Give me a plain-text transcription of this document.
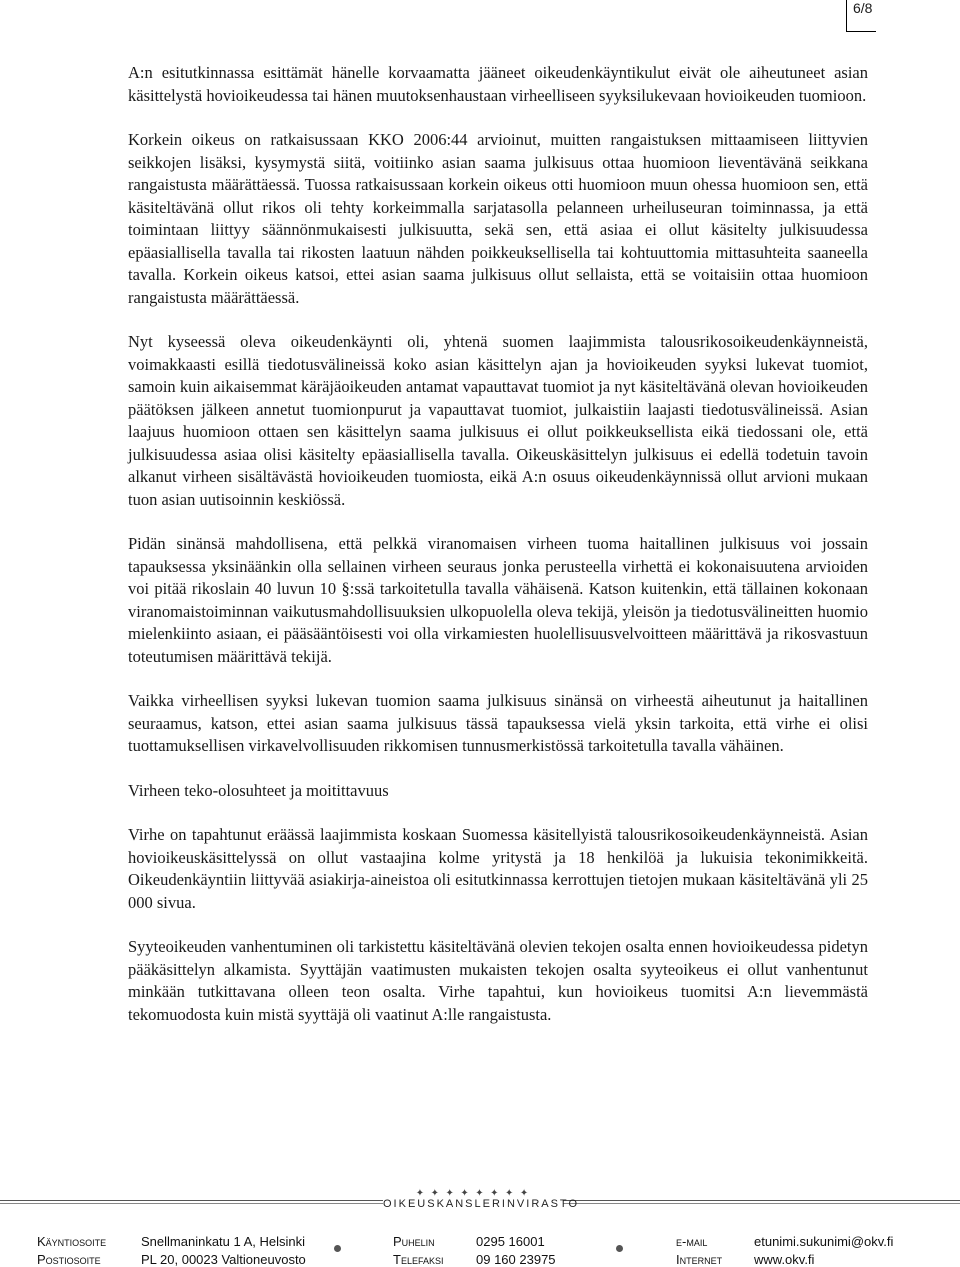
6/8

A:n esitutkinnassa esittämät hänelle korvaamatta jääneet oikeudenkäyntikulut eivät ole aiheutuneet asian käsittelystä hovioikeudessa tai hänen muutoksenhaustaan virheelliseen syyksilukevaan hovioikeuden tuomioon.

Korkein oikeus on ratkaisussaan KKO 2006:44 arvioinut, muitten rangaistuksen mittaamiseen liittyvien seikkojen lisäksi, kysymystä siitä, voitiinko asian saama julkisuus ottaa huomioon lieventävänä seikkana rangaistusta määrättäessä. Tuossa ratkaisussaan korkein oikeus otti huomioon muun ohessa huomioon sen, että käsiteltävänä ollut rikos oli tehty korkeimmalla sarjatasolla pelanneen urheiluseuran toiminnassa, ja että toimintaan liittyy säännönmukaisesti julkisuutta, sekä sen, että asiaa ei ollut käsitelty julkisuudessa epäasiallisella tavalla tai rikosten laatuun nähden poikkeuksellisella tai kohtuuttomia mittasuhteita saaneella tavalla. Korkein oikeus katsoi, ettei asian saama julkisuus ollut sellaista, että se voitaisiin ottaa huomioon rangaistusta määrättäessä.

Nyt kyseessä oleva oikeudenkäynti oli, yhtenä suomen laajimmista talousrikosoikeudenkäynneistä, voimakkaasti esillä tiedotusvälineissä koko asian käsittelyn ajan ja hovioikeuden syyksi lukevat tuomiot, samoin kuin aikaisemmat käräjäoikeuden antamat vapauttavat tuomiot ja nyt käsiteltävänä olevan hovioikeuden päätöksen jälkeen annetut tuomionpurut ja vapauttavat tuomiot, julkaistiin laajasti tiedotusvälineissä. Asian laajuus huomioon ottaen sen käsittelyn saama julkisuus ei ollut poikkeuksellista eikä tiedossani ole, että julkisuudessa asiaa olisi käsitelty epäasiallisella tavalla. Oikeuskäsittelyn julkisuus ei edellä todetuin tavoin alkanut virheen sisältävästä hovioikeuden tuomiosta, eikä A:n osuus oikeudenkäynnissä ollut arvioni mukaan tuon asian uutisoinnin keskiössä.

Pidän sinänsä mahdollisena, että pelkkä viranomaisen virheen tuoma haitallinen julkisuus voi jossain tapauksessa yksinäänkin olla sellainen virheen seuraus jonka perusteella virhettä ei kokonaisuutena arvioiden voi pitää rikoslain 40 luvun 10 §:ssä tarkoitetulla tavalla vähäisenä. Katson kuitenkin, että tällainen kokonaan viranomaistoiminnan vaikutusmahdollisuuksien ulkopuolella oleva tekijä, yleisön ja tiedotusvälineitten huomio mielenkiinto asiaan, ei pääsääntöisesti voi olla virkamiesten huolellisuusvelvoitteen määrittävä ja rikosvastuun toteutumisen määrittävä tekijä.

Vaikka virheellisen syyksi lukevan tuomion saama julkisuus sinänsä on virheestä aiheutunut ja haitallinen seuraamus, katson, ettei asian saama julkisuus tässä tapauksessa vielä yksin tarkoita, että virhe ei olisi tuottamuksellisen virkavelvollisuuden rikkomisen tunnusmerkistössä tarkoitetulla tavalla vähäinen.

Virheen teko-olosuhteet ja moitittavuus

Virhe on tapahtunut eräässä laajimmista koskaan Suomessa käsitellyistä talousrikosoikeudenkäynneistä. Asian hovioikeuskäsittelyssä on ollut vastaajina kolme yritystä ja 18 henkilöä ja lukuisia tekonimikkeitä. Oikeudenkäyntiin liittyvää asiakirja-aineistoa oli esitutkinnassa kerrottujen tietojen mukaan käsiteltävänä yli 25 000 sivua.

Syyteoikeuden vanhentuminen oli tarkistettu käsiteltävänä olevien tekojen osalta ennen hovioikeudessa pidetyn pääkäsittelyn alkamista. Syyttäjän vaatimusten mukaisten tekojen osalta syyteoikeus ei ollut vanhentunut minkään tutkittavana olleen teon osalta. Virhe tapahtui, kun hovioikeus tuomitsi A:n lievemmästä tekomuodosta kuin mistä syyttäjä oli vaatinut A:lle rangaistusta.

✦ ✦ ✦ ✦ ✦ ✦ ✦ ✦
OIKEUSKANSLERINVIRASTO
Käyntiosoite	Snellmaninkatu 1 A, Helsinki
Postiosoite	PL 20, 00023 Valtioneuvosto
Puhelin	0295 16001
Telefaksi	09 160 23975
e-mail	etunimi.sukunimi@okv.fi
Internet www.okv.fi
